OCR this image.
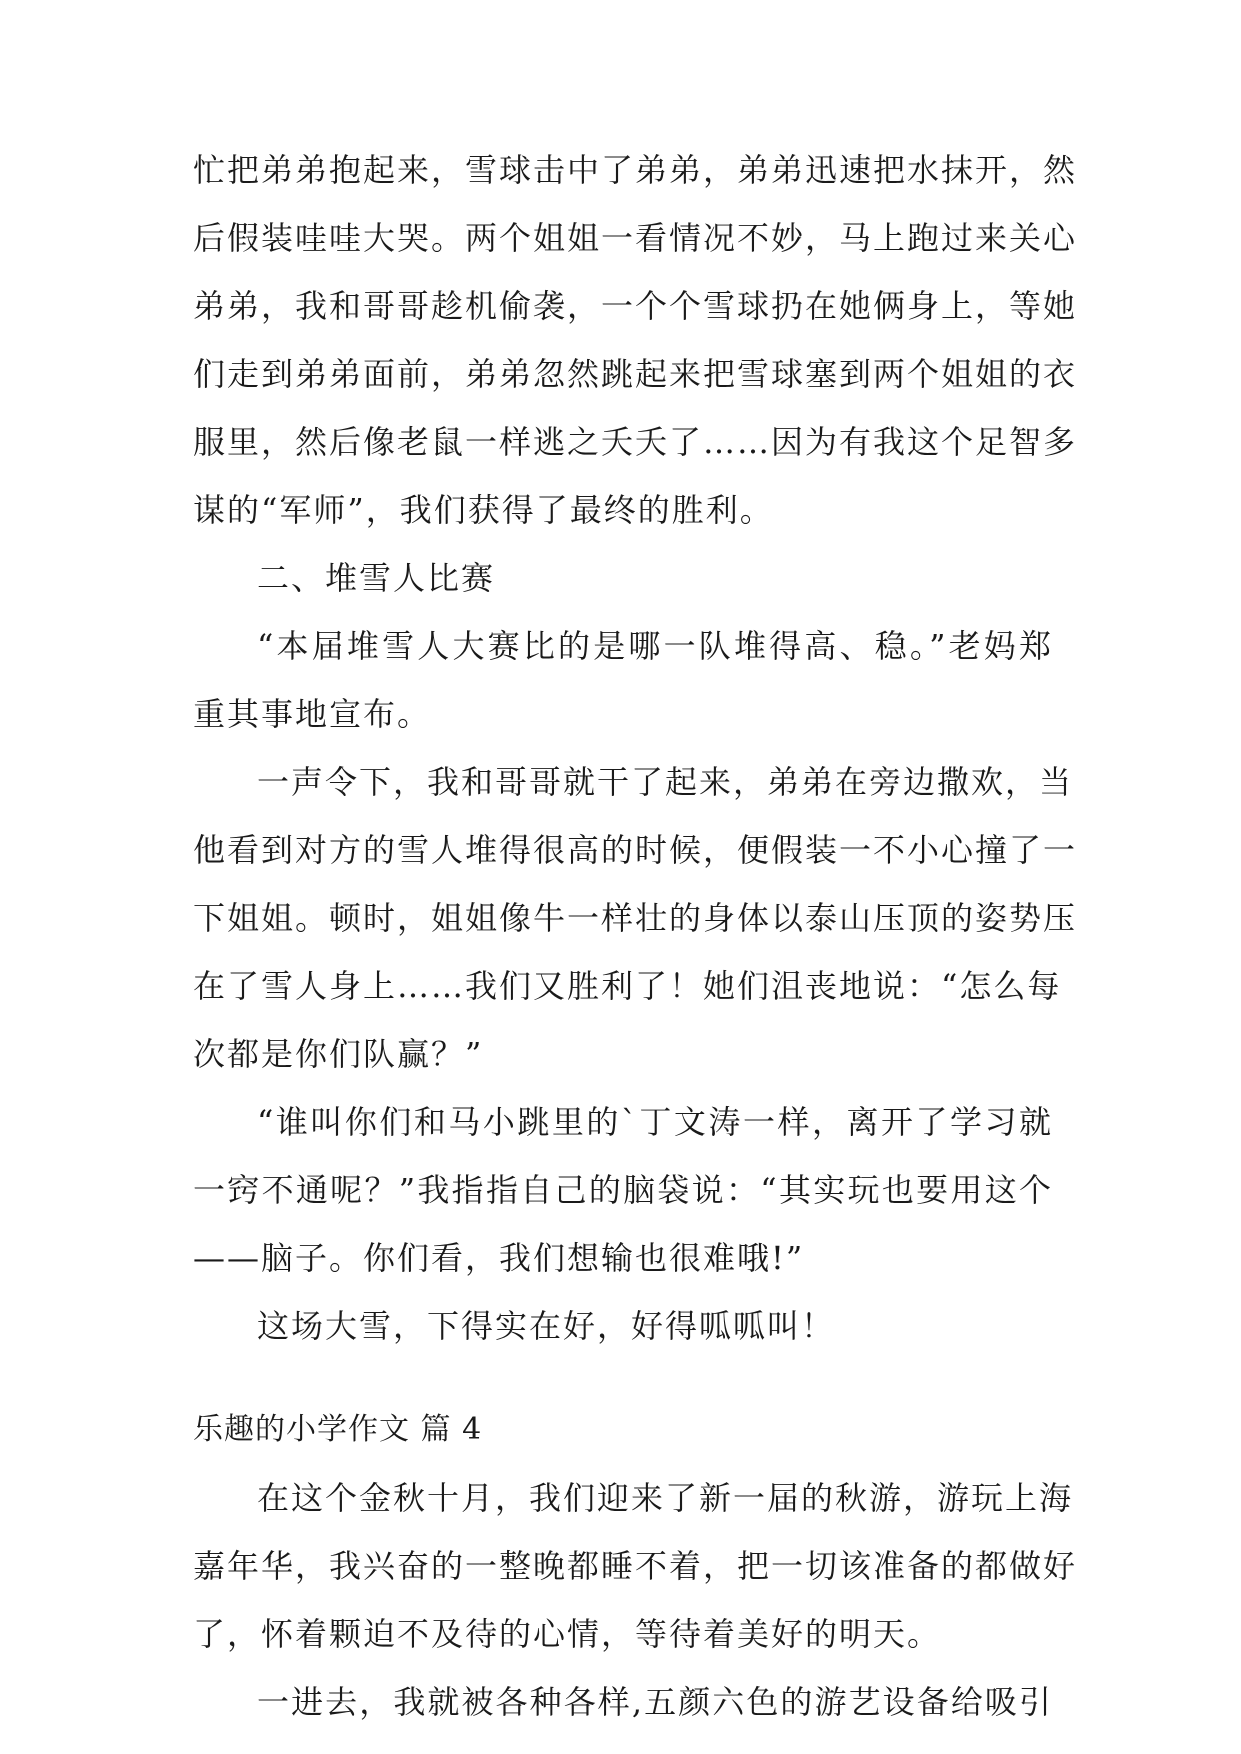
忙把弟弟抱起来，雪球击中了弟弟，弟弟迅速把水抹开，然
后假装哇哇大哭。两个姐姐一看情况不妙，马上跑过来关心
弟弟，我和哥哥趁机偷袭，一个个雪球扔在她俩身上，等她
们走到弟弟面前，弟弟忽然跳起来把雪球塞到两个姐姐的衣
服里，然后像老鼠一样逃之夭夭了……因为有我这个足智多
谋的“军师”，我们获得了最终的胜利。
二、堆雪人比赛
“本届堆雪人大赛比的是哪一队堆得高、稳。”老妈郑
重其事地宣布。
一声令下，我和哥哥就干了起来，弟弟在旁边撒欢，当
他看到对方的雪人堆得很高的时候，便假装一不小心撞了一
下姐姐。顿时，姐姐像牛一样壮的身体以泰山压顶的姿势压
在了雪人身上……我们又胜利了！她们沮丧地说：“怎么每
次都是你们队赢？”
“谁叫你们和马小跳里的`丁文涛一样，离开了学习就
一窍不通呢？”我指指自己的脑袋说：“其实玩也要用这个
——脑子。你们看，我们想输也很难哦!”
这场大雪，下得实在好，好得呱呱叫！
乐趣的小学作文 篇 4
在这个金秋十月，我们迎来了新一届的秋游，游玩上海
嘉年华，我兴奋的一整晚都睡不着，把一切该准备的都做好
了，怀着颗迫不及待的心情，等待着美好的明天。
一进去，我就被各种各样,五颜六色的游艺设备给吸引
